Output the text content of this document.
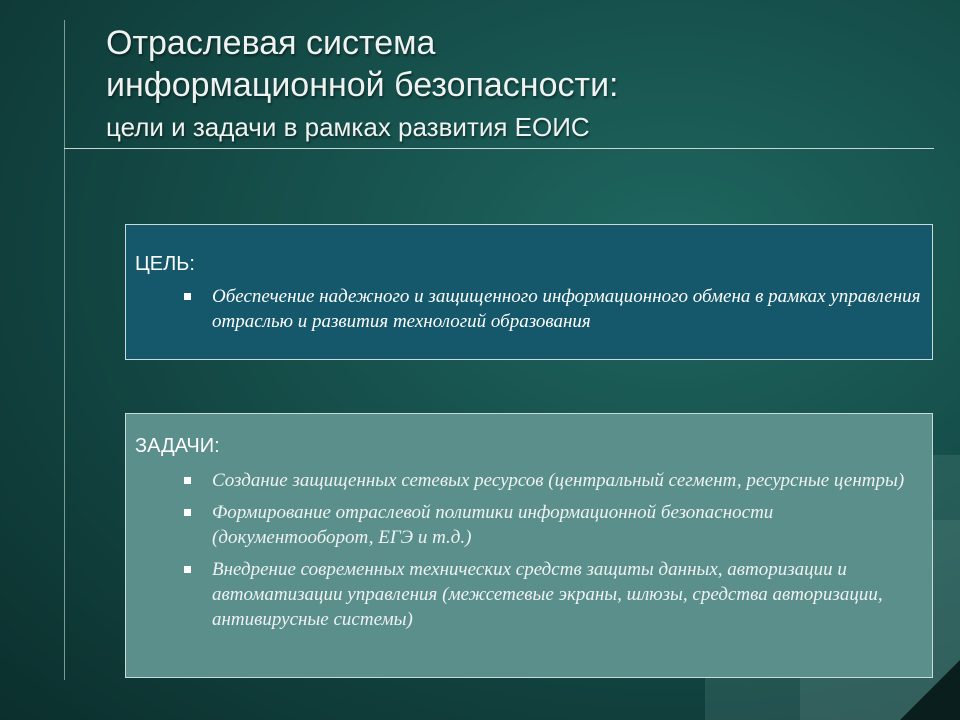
Отраслевая система
информационной безопасности:
цели и задачи в рамках развития ЕОИС
ЦЕЛЬ:
Обеспечение надежного и защищенного информационного обмена в рамках управления отраслью и развития технологий образования
ЗАДАЧИ:
Создание защищенных сетевых ресурсов (центральный сегмент, ресурсные центры)
Формирование отраслевой политики информационной безопасности (документооборот, ЕГЭ и т.д.)
Внедрение современных технических средств защиты данных, авторизации и автоматизации управления (межсетевые экраны, шлюзы, средства авторизации, антивирусные системы)
